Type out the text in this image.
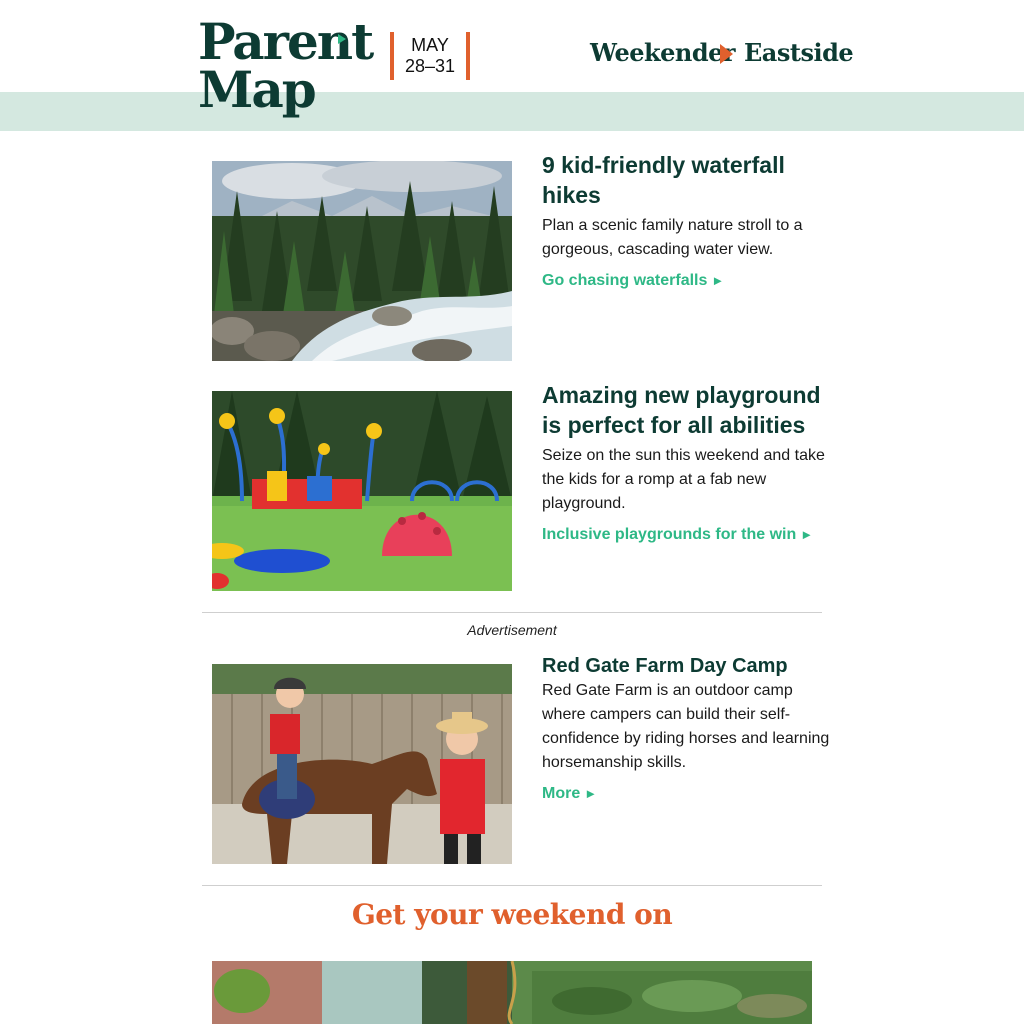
Parent
Map
MAY
28–31	Weekender Eastside
9 kid-friendly waterfall hikes

Plan a scenic family nature stroll to a gorgeous, cascading water view.

Go chasing waterfalls ►
Amazing new playground is perfect for all abilities

Seize on the sun this weekend and take the kids for a romp at a fab new playground.

Inclusive playgrounds for the win ►
Advertisement
Red Gate Farm Day Camp

Red Gate Farm is an outdoor camp where campers can build their self-confidence by riding horses and learning horsemanship skills.

More ►
Get your weekend on
